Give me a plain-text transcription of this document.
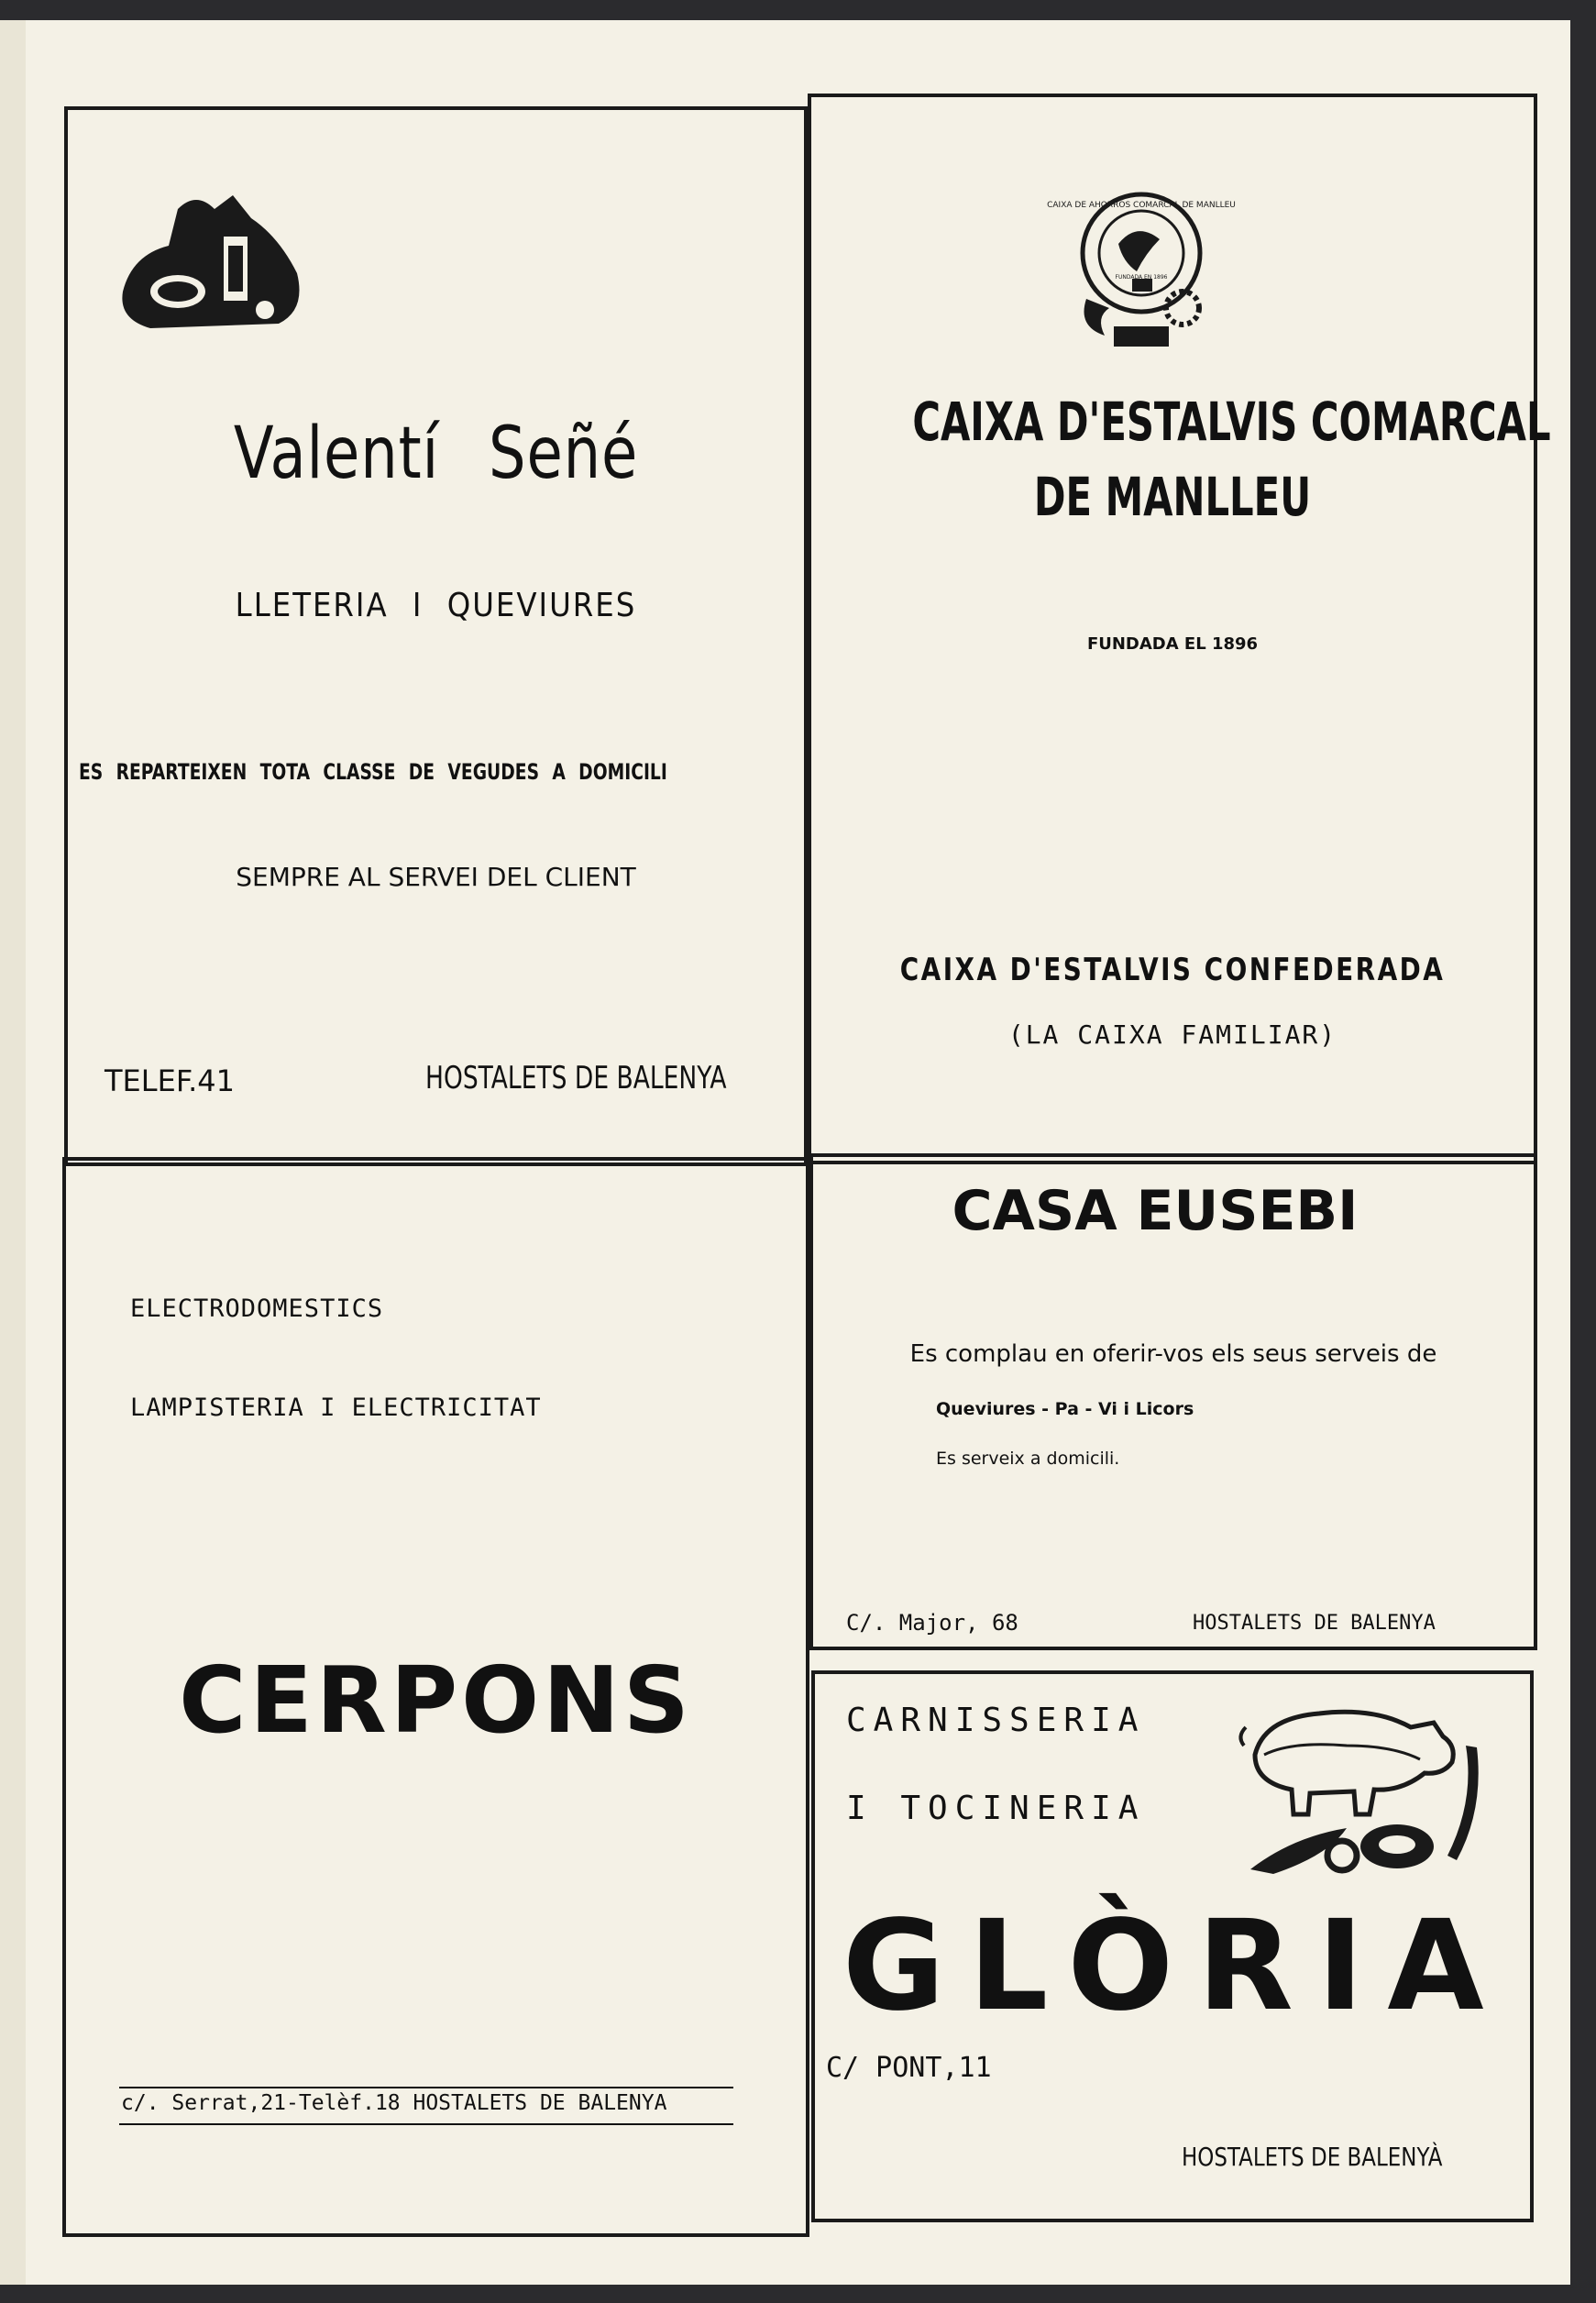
Valentí Señé
LLETERIA I QUEVIURES
ES REPARTEIXEN TOTA CLASSE DE VEGUDES A DOMICILI
SEMPRE AL SERVEI DEL CLIENT
TELEF.41	HOSTALETS DE BALENYA
CAIXA DE AHORROS COMARCAL DE MANLLEU
FUNDADA EN 1896
CAIXA D'ESTALVIS COMARCAL
DE MANLLEU
FUNDADA EL 1896
CAIXA D'ESTALVIS CONFEDERADA
(LA CAIXA FAMILIAR)
ELECTRODOMESTICS
LAMPISTERIA I ELECTRICITAT
CERPONS
c/. Serrat,21-Telèf.18 HOSTALETS DE BALENYA
CASA EUSEBI
Es complau en oferir-vos els seus serveis de
Queviures - Pa - Vi i Licors
Es serveix a domicili.
C/. Major, 68	HOSTALETS DE BALENYA
CARNISSERIA
I TOCINERIA
GLÒRIA
C/ PONT,11
HOSTALETS DE BALENYÀ
